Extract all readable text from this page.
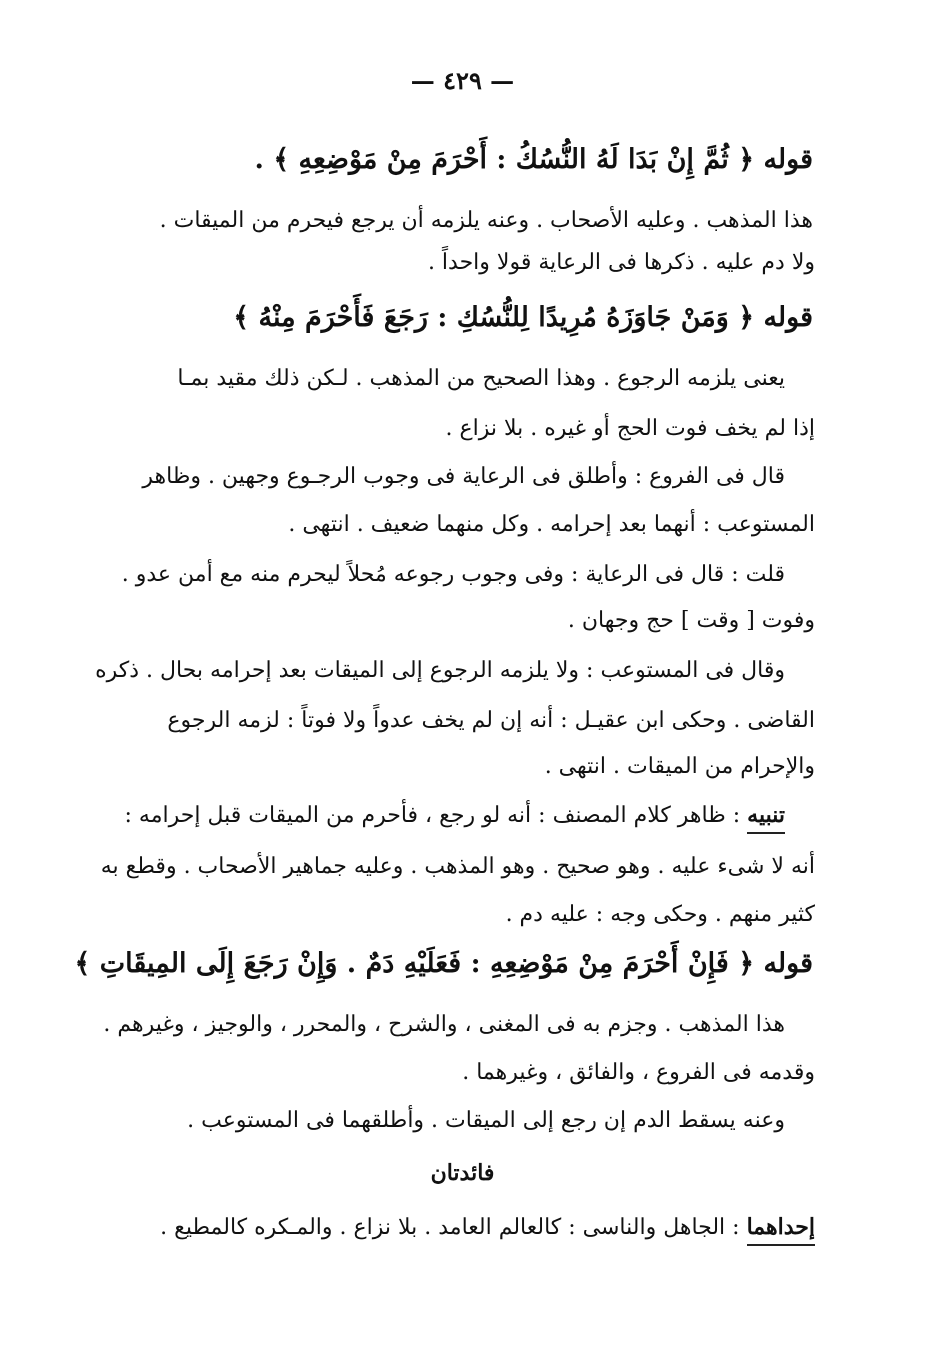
— ٤٢٩ —
قوله ﴿ ثُمَّ إِنْ بَدَا لَهُ النُّسُكُ : أَحْرَمَ مِنْ مَوْضِعِهِ ﴾ .
هذا المذهب . وعليه الأصحاب . وعنه يلزمه أن يرجع فيحرم من الميقات .
ولا دم عليه . ذكرها فى الرعاية قولا واحداً .
قوله ﴿ وَمَنْ جَاوَزَهُ مُرِيدًا لِلنُّسُكِ : رَجَعَ فَأَحْرَمَ مِنْهُ ﴾
يعنى يلزمه الرجوع . وهذا الصحيح من المذهب . لـكن ذلك مقيد بمـا
إذا لم يخف فوت الحج أو غيره . بلا نزاع .
قال فى الفروع : وأطلق فى الرعاية فى وجوب الرجـوع وجهين . وظاهر
المستوعب : أنهما بعد إحرامه . وكل منهما ضعيف . انتهى .
قلت : قال فى الرعاية : وفى وجوب رجوعه مُحلاً ليحرم منه مع أمن عدو .
وفوت [ وقت ] حج وجهان .
وقال فى المستوعب : ولا يلزمه الرجوع إلى الميقات بعد إحرامه بحال . ذكره
القاضى . وحكى ابن عقيـل : أنه إن لم يخف عدواً ولا فوتاً : لزمه الرجوع
والإحرام من الميقات . انتهى .
تنبيه : ظاهر كلام المصنف : أنه لو رجع ، فأحرم من الميقات قبل إحرامه :
أنه لا شىء عليه . وهو صحيح . وهو المذهب . وعليه جماهير الأصحاب . وقطع به
كثير منهم . وحكى وجه : عليه دم .
قوله ﴿ فَإِنْ أَحْرَمَ مِنْ مَوْضِعِهِ : فَعَلَيْهِ دَمٌ . وَإِنْ رَجَعَ إِلَى المِيقَاتِ ﴾
هذا المذهب . وجزم به فى المغنى ، والشرح ، والمحرر ، والوجيز ، وغيرهم .
وقدمه فى الفروع ، والفائق ، وغيرهما .
وعنه يسقط الدم إن رجع إلى الميقات . وأطلقهما فى المستوعب .
فائدتان
إحداهما : الجاهل والناسى : كالعالم العامد . بلا نزاع . والمـكره كالمطيع .
